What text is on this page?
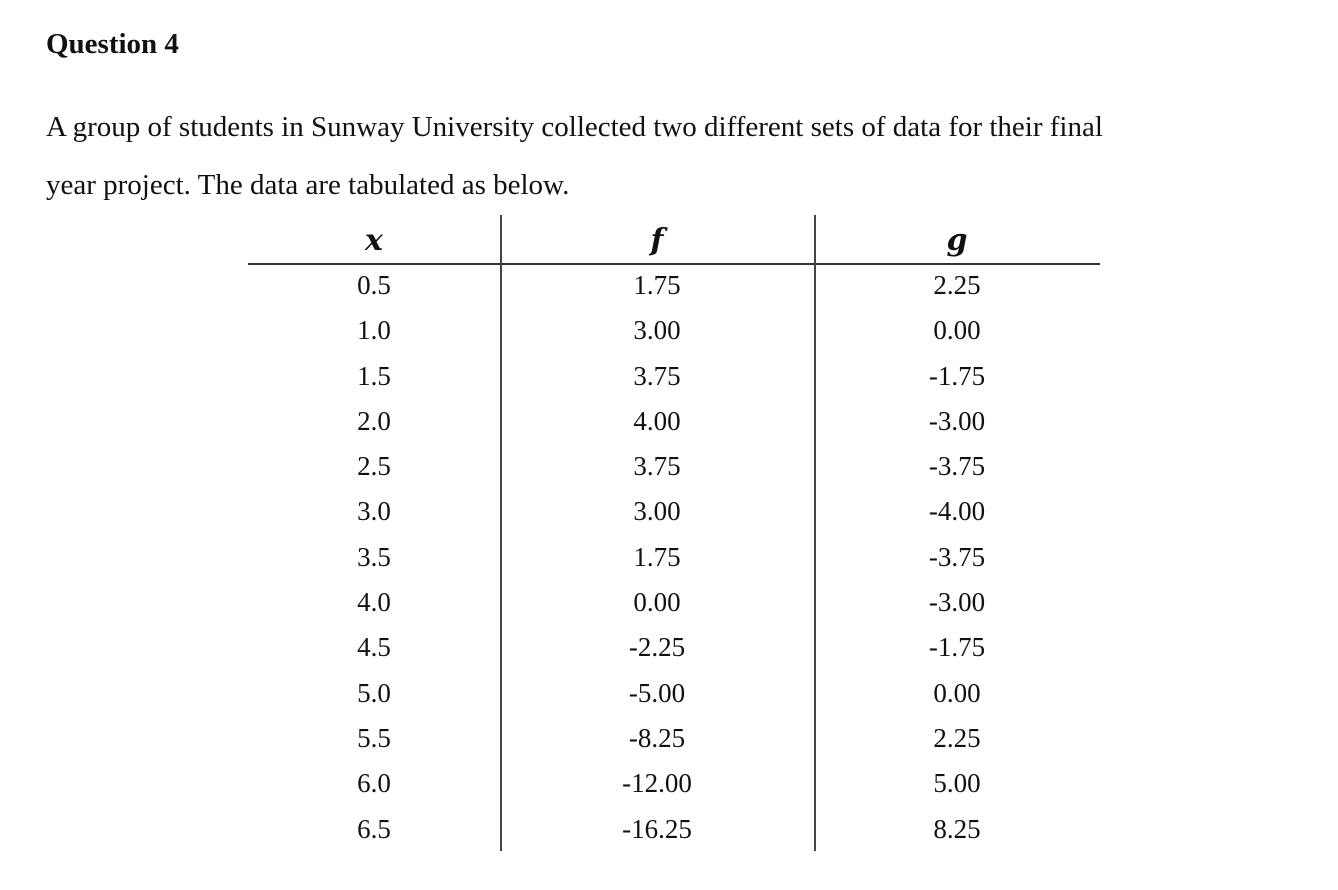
Question 4

A group of students in Sunway University collected two different sets of data for their final
year project. The data are tabulated as below.

x	f	g
0.5	1.75	2.25
1.0	3.00	0.00
1.5	3.75	-1.75
2.0	4.00	-3.00
2.5	3.75	-3.75
3.0	3.00	-4.00
3.5	1.75	-3.75
4.0	0.00	-3.00
4.5	-2.25	-1.75
5.0	-5.00	0.00
5.5	-8.25	2.25
6.0	-12.00	5.00
6.5	-16.25	8.25
